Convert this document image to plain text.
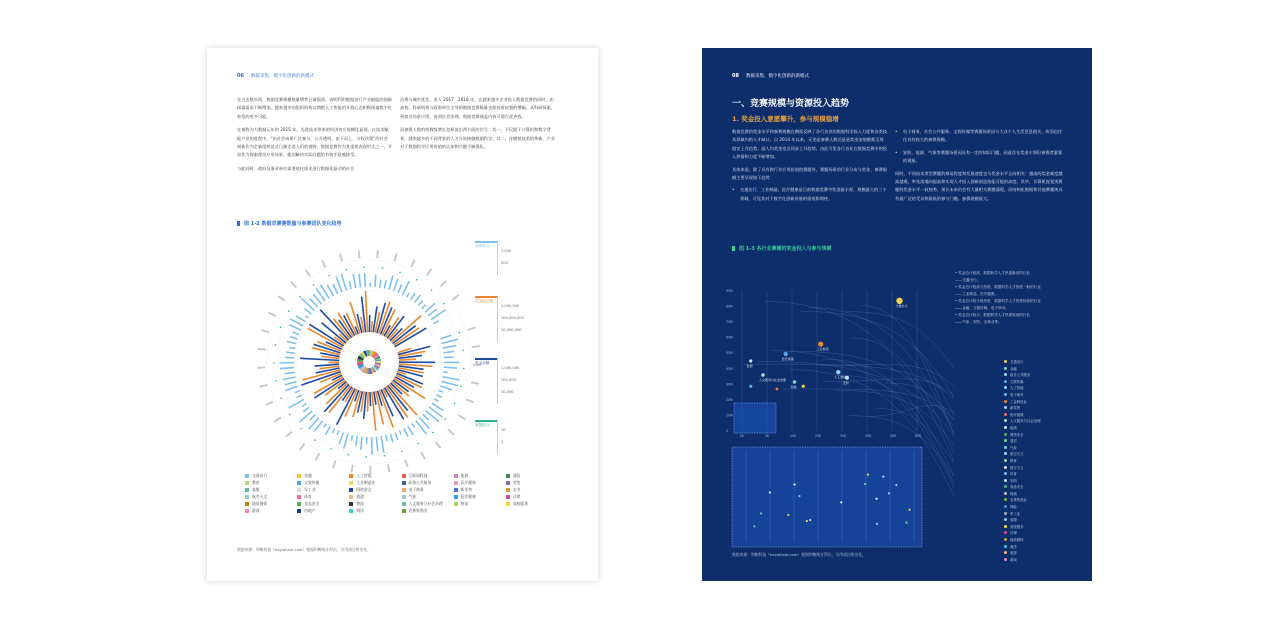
06 数据采集、数字化创新的新模式
在过去数年间，数据竞赛规模数量增势日渐强劲。表明利用数据进行产业赋能的创新探索需求不断增加，越来越多的组织机构以拥抱人工智能的开放心态积极探索数字化转型的更多可能。
在被称为大数据元年的 2015 年，先进技术带来的经济效应规模化显现。在技术赋能产业的进程中，“由社会成果广泛参与、公开透明、由下而上、分权决策”的社会创新作为全新组织范式日渐走进人们的视野，数据竞赛作为其重要表现形式之一，开始作为探索理论应用场景、甄别解决实际问题的有效手段被接受。
与此同时，政府及事业单位需要依托技术进行数据化驱动的社会
治理与城市优化。进入 2017、2018 年，在越来越多企业投入数据竞赛的同时，由高校、科研机构与政府单位主导的数据竞赛数量也保持着较强的增幅，从科研探索，到商业场景应用，再到社会治理，数据竞赛涵盖内容可谓百花齐放。
而参赛人数的持数级增长包释放出两方面的信号：其一，不仅限于计算机和数学背景，越来越多的不同背景的人才开始接触数据科学；其二，伴随着技术的革新，产业对于数据科学应用价值的认知和兴趣不断强化。
图 1-2 数据竞赛赛数量与参赛团队变化趋势
赛事数目
1,000
500
奖金池总额
1,000,000
100,000,000
10,000,000
奖金金额
1,000,000
100,000
10,000
赛题数目
10
1
交通出行	金融	人工智能	互联网科技	能源	通信
教育	文娱传媒	工业制造业	政务公共服务	医疗健康	零售
客服	军工业	网络安全	电子商务	新零售	农业
航空天文	体育	旅游	气象	医疗健康	法律
地质勘探	食品安全	物流	人文服务与社会治理	物流	高校服务
游戏	房地产	海洋	农林牧渔业
数据来源：和鲸科技（heywhale.com）根据和鲸统计得出，引用请注明出处。
08 数据采集、数字化创新的新模式
一、竞赛规模与资源投入趋势
1. 奖金投入意愿攀升，参与规模稳增
数据竞赛的奖金水平和参赛规模在侧面反映了各行各业的数据科学投入力度和各类技术领域内的人才缺口。自 2014 年以来，无论是参赛人数还是是奖金池规模都呈现稳定上升趋势。面人均奖金也呈同步上升趋势。由此可见各行各业在数据竞赛中的投入热情和力度不断增加。
具体来说，除了具有跨行业应用价值的赛题外，赛题场景的行业分布与奖金、参赛规模主要呈现如下趋势：
• 交通出行、工业制造、医疗健康是目前数据竞赛中奖金最丰厚、规模最大的三个领域，可见其对于数字化创新价值的重视和期待。
• 电子商务、社会公共服务、文娱传媒等赛题场景因与大众个人生活息息相关，故而也往往具有较大的参赛规模。
• 安防、能源、气象等赛题场景因具有一定的知识门槛，因此存在奖金丰厚但参赛者寥寥的现象。
同时，不同技术类型赛题的难易程度和发展速度也与奖金水平正向相关：越高的奖金难度越高越难，率先落地向提高和实现人才投入创新创造技能可能的高度。其中，计算机视觉类赛题的奖金水平一枝独秀，预计未来仍会有大量相关赛题涌现，而结构化数据和其他赛题则具有最广泛的受众和最低的参与门槛，参赛规模庞大。
图 1-3 各行业赛题的奖金投入与参与规模
90M
80M
70M
60M
50M
40M
30M
20M
10M
0
0K	5K	10K	20K	30K	40K	50K	60K
交通出行
工业制造
医疗健康
人工智能
安防
人文服务与社会治理
能源
金融
• 奖金总计较高、数据科学人才热度最高的行业
——交通出行。
• 奖金总计较高与热度、数据科学人才热度一般的行业
——工业制造、医疗健康。
• 奖金总计较少但热度、数据科学人才热度较高的行业
——金融、文娱传媒、电子商务。
• 奖金总计较少、数据科学人才热度较低的行业
——气象、安防、农林业等。
交通出行
金融
政务公共服务
文娱传媒
人工智能
电子商务
工业制造业
新零售
医疗健康
人文服务与社会治理
能源
网络安全
通信
气象
航空天文
教育
数字天文
体育
安防
食品安全
物流
农林牧渔业
保险
军工业
客服
高校服务
法律
地质勘探
海洋
旅游
游戏
数据来源：和鲸科技（heywhale.com）根据和鲸统计得出，引用请注明出处。
